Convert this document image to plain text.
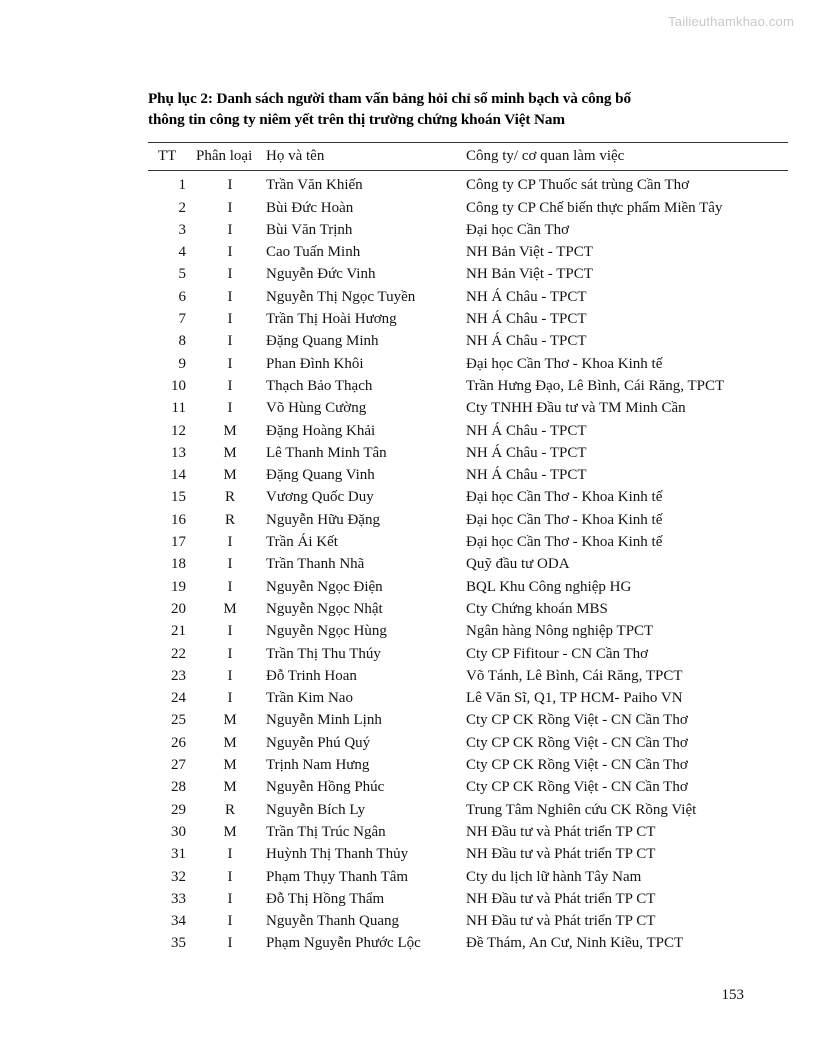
Tailieuthamkhao.com
Phụ lục 2: Danh sách người tham vấn bảng hỏi chỉ số minh bạch và công bố
thông tin công ty niêm yết trên thị trường chứng khoán Việt Nam
TT	Phân loại	Họ và tên	Công ty/ cơ quan làm việc
1	I	Trần Văn Khiến	Công ty CP Thuốc sát trùng Cần Thơ
2	I	Bùi Đức Hoàn	Công ty CP Chế biến thực phẩm Miền Tây
3	I	Bùi Văn Trịnh	Đại học Cần Thơ
4	I	Cao Tuấn Minh	NH Bản Việt - TPCT
5	I	Nguyễn Đức Vinh	NH Bản Việt - TPCT
6	I	Nguyễn Thị Ngọc Tuyền	NH Á Châu - TPCT
7	I	Trần Thị Hoài Hương	NH Á Châu - TPCT
8	I	Đặng Quang Minh	NH Á Châu - TPCT
9	I	Phan Đình Khôi	Đại học Cần Thơ - Khoa Kinh tế
10	I	Thạch Bảo Thạch	Trần Hưng Đạo, Lê Bình, Cái Răng, TPCT
11	I	Võ Hùng Cường	Cty TNHH Đầu tư và TM Minh Cần
12	M	Đặng Hoàng Khải	NH Á Châu - TPCT
13	M	Lê Thanh Minh Tân	NH Á Châu - TPCT
14	M	Đặng Quang Vinh	NH Á Châu - TPCT
15	R	Vương Quốc Duy	Đại học Cần Thơ - Khoa Kinh tế
16	R	Nguyễn Hữu Đặng	Đại học Cần Thơ - Khoa Kinh tế
17	I	Trần Ái Kết	Đại học Cần Thơ - Khoa Kinh tế
18	I	Trần Thanh Nhã	Quỹ đầu tư ODA
19	I	Nguyễn Ngọc Điện	BQL Khu Công nghiệp HG
20	M	Nguyễn Ngọc Nhật	Cty Chứng khoán MBS
21	I	Nguyễn Ngọc Hùng	Ngân hàng Nông nghiệp TPCT
22	I	Trần Thị Thu Thúy	Cty CP Fifitour - CN Cần Thơ
23	I	Đỗ Trinh Hoan	Võ Tánh, Lê Bình, Cái Răng, TPCT
24	I	Trần Kim Nao	Lê Văn Sĩ, Q1, TP HCM- Paiho VN
25	M	Nguyễn Minh Lịnh	Cty CP CK Rồng Việt - CN Cần Thơ
26	M	Nguyễn Phú Quý	Cty CP CK Rồng Việt - CN Cần Thơ
27	M	Trịnh Nam Hưng	Cty CP CK Rồng Việt - CN Cần Thơ
28	M	Nguyễn Hồng Phúc	Cty CP CK Rồng Việt - CN Cần Thơ
29	R	Nguyễn Bích Ly	Trung Tâm Nghiên cứu CK Rồng Việt
30	M	Trần Thị Trúc Ngân	NH Đầu tư và Phát triển TP CT
31	I	Huỳnh Thị Thanh Thủy	NH Đầu tư và Phát triển TP CT
32	I	Phạm Thụy Thanh Tâm	Cty du lịch lữ hành Tây Nam
33	I	Đỗ Thị Hồng Thẩm	NH Đầu tư và Phát triển TP CT
34	I	Nguyễn Thanh Quang	NH Đầu tư và Phát triển TP CT
35	I	Phạm Nguyễn Phước Lộc	Đề Thám, An Cư, Ninh Kiều, TPCT
153
